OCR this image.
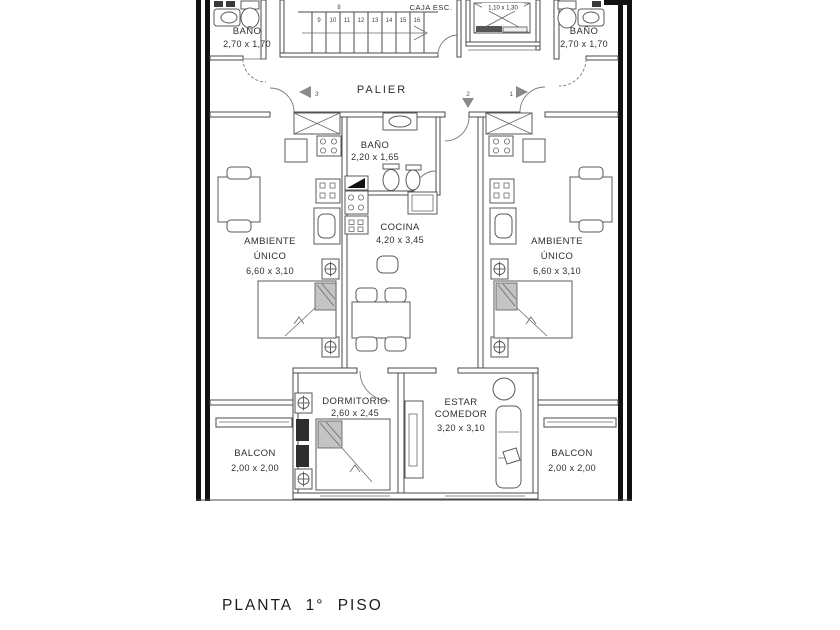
8
9 10 11 12 13 14 15 16
CAJA ESC.	1,10 x 1,30
3	1
2
BAÑO
2,70 x 1,70
BAÑO
2,70 x 1,70
PALIER
BAÑO
2,20 x 1,65
COCINA
4,20 x 3,45
AMBIENTE
ÚNICO
6,60 x 3,10
AMBIENTE
ÚNICO
6,60 x 3,10
DORMITORIO
2,60 x 2,45
ESTAR
COMEDOR
3,20 x 3,10
BALCON
2,00 x 2,00
BALCON
2,00 x 2,00
PLANTA 1° PISO
